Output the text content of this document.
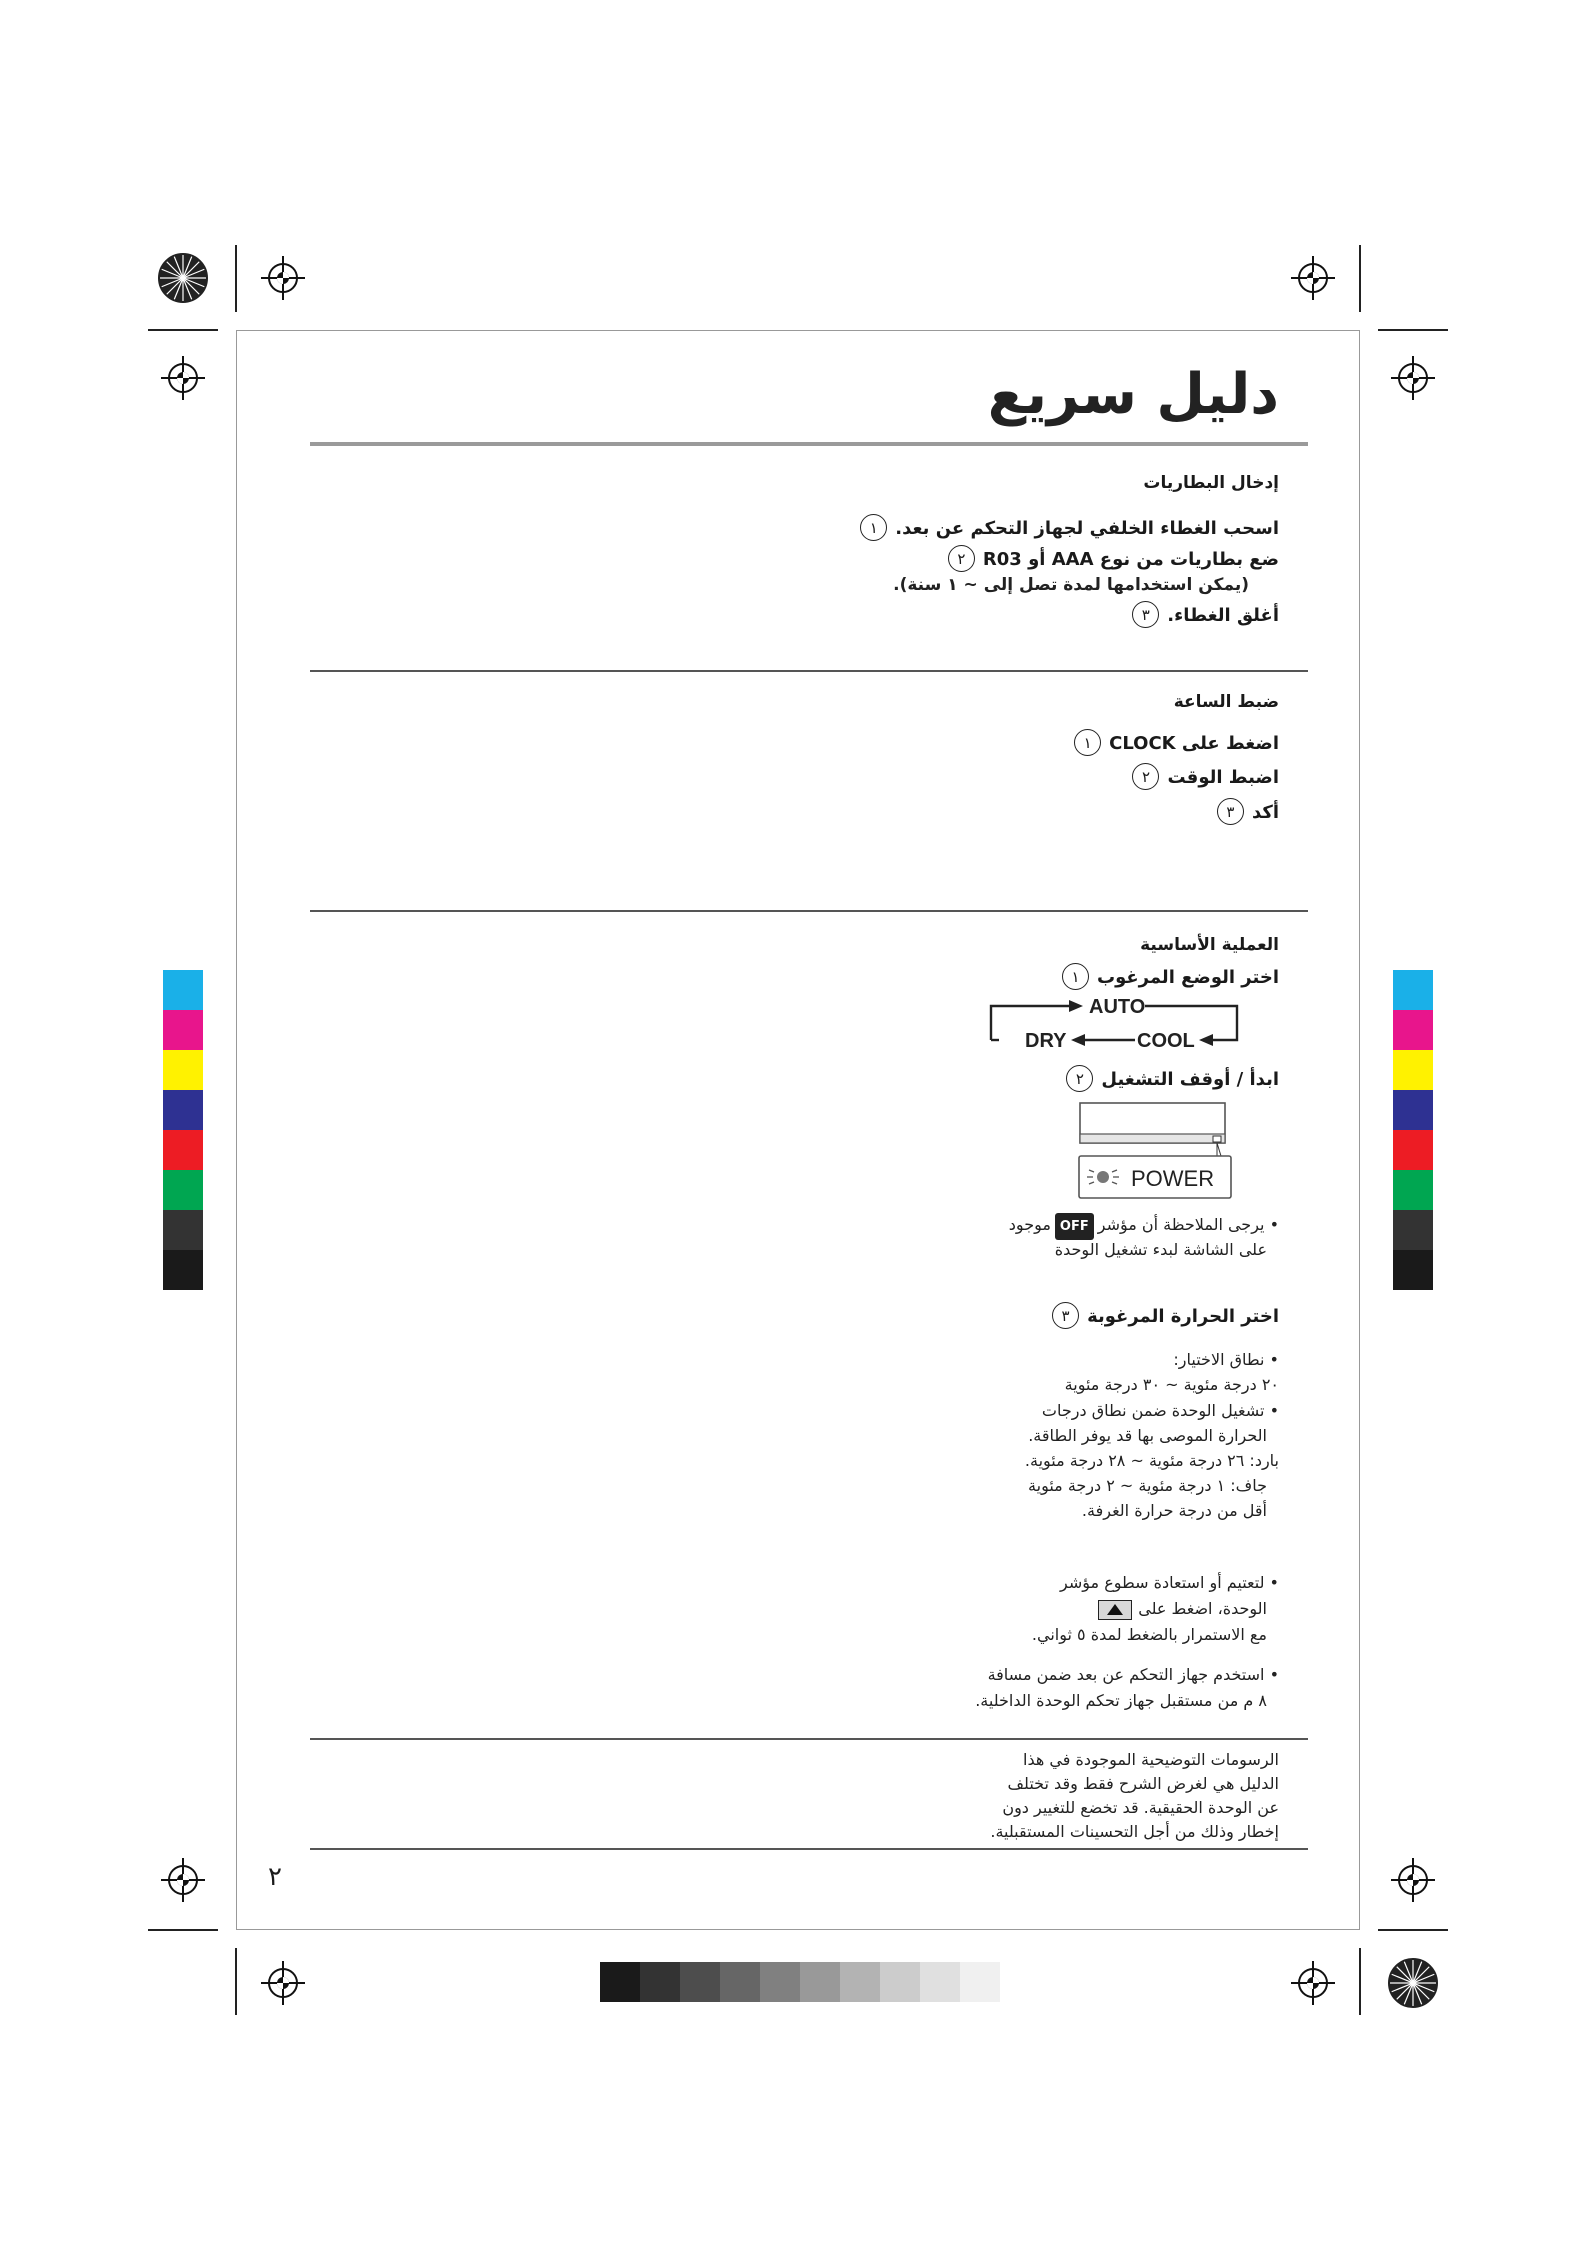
دليل سريع
إدخال البطاريات
١ اسحب الغطاء الخلفي لجهاز التحكم عن بعد.
٢ ضع بطاريات من نوع AAA أو R03
(يمكن استخدامها لمدة تصل إلى ~ ١ سنة).
٣ أغلق الغطاء.
ضبط الساعة
١ اضغط على CLOCK
٢ اضبط الوقت
٣ أكد
العملية الأساسية
١ اختر الوضع المرغوب
AUTO
COOL
DRY
٢ ابدأ / أوقف التشغيل
POWER
• يرجى الملاحظة أن مؤشرOFFموجود
على الشاشة لبدء تشغيل الوحدة
٣ اختر الحرارة المرغوبة
• نطاق الاختيار:
٢٠ درجة مئوية ~ ٣٠ درجة مئوية
• تشغيل الوحدة ضمن نطاق درجات
الحرارة الموصى بها قد يوفر الطاقة.
بارد: ٢٦ درجة مئوية ~ ٢٨ درجة مئوية.
جاف: ١ درجة مئوية ~ ٢ درجة مئوية
أقل من درجة حرارة الغرفة.
• لتعتيم أو استعادة سطوع مؤشر
الوحدة، اضغط على
مع الاستمرار بالضغط لمدة ٥ ثواني.
• استخدم جهاز التحكم عن بعد ضمن مسافة
٨ م من مستقبل جهاز تحكم الوحدة الداخلية.
الرسومات التوضيحية الموجودة في هذا
الدليل هي لغرض الشرح فقط وقد تختلف
عن الوحدة الحقيقية. قد تخضع للتغيير دون
إخطار وذلك من أجل التحسينات المستقبلية.
٢
